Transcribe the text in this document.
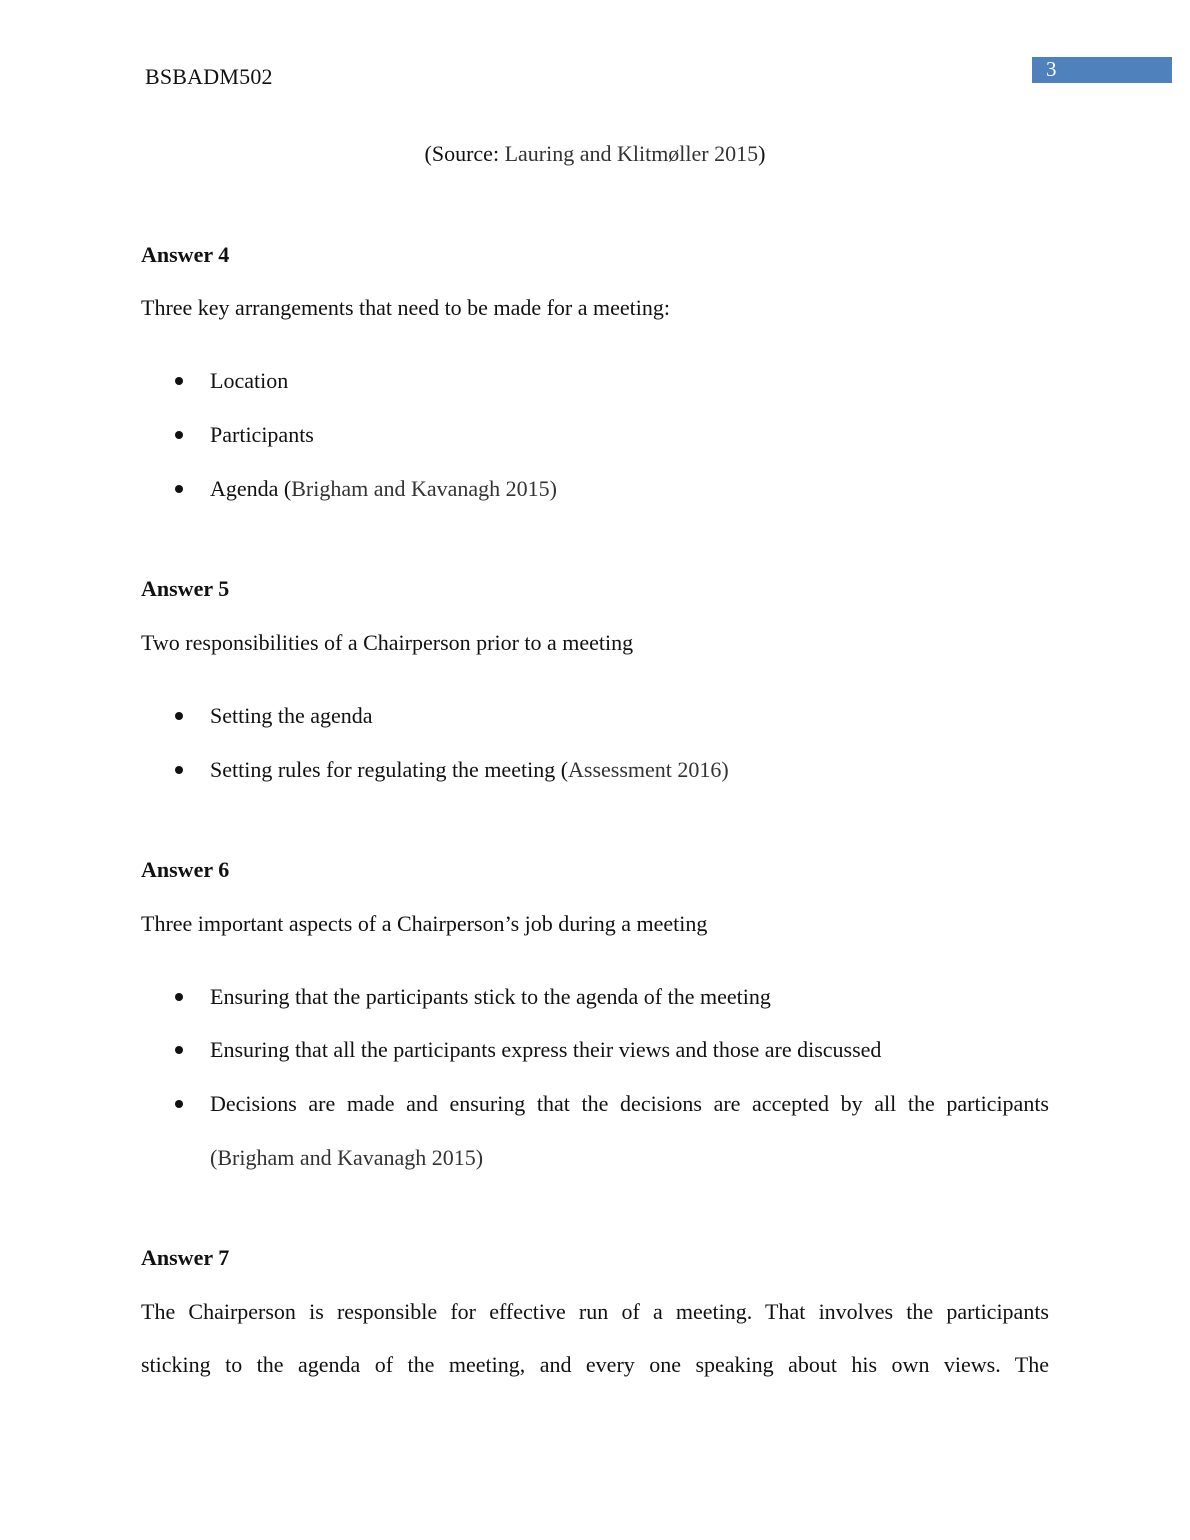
BSBADM502	3
(Source: Lauring and Klitmøller 2015)
Answer 4
Three key arrangements that need to be made for a meeting:
Location
Participants
Agenda (Brigham and Kavanagh 2015)
Answer 5
Two responsibilities of a Chairperson prior to a meeting
Setting the agenda
Setting rules for regulating the meeting (Assessment 2016)
Answer 6
Three important aspects of a Chairperson’s job during a meeting
Ensuring that the participants stick to the agenda of the meeting
Ensuring that all the participants express their views and those are discussed
Decisions are made and ensuring that the decisions are accepted by all the participants
(Brigham and Kavanagh 2015)
Answer 7
The Chairperson is responsible for effective run of a meeting. That involves the participants
sticking to the agenda of the meeting, and every one speaking about his own views. The
